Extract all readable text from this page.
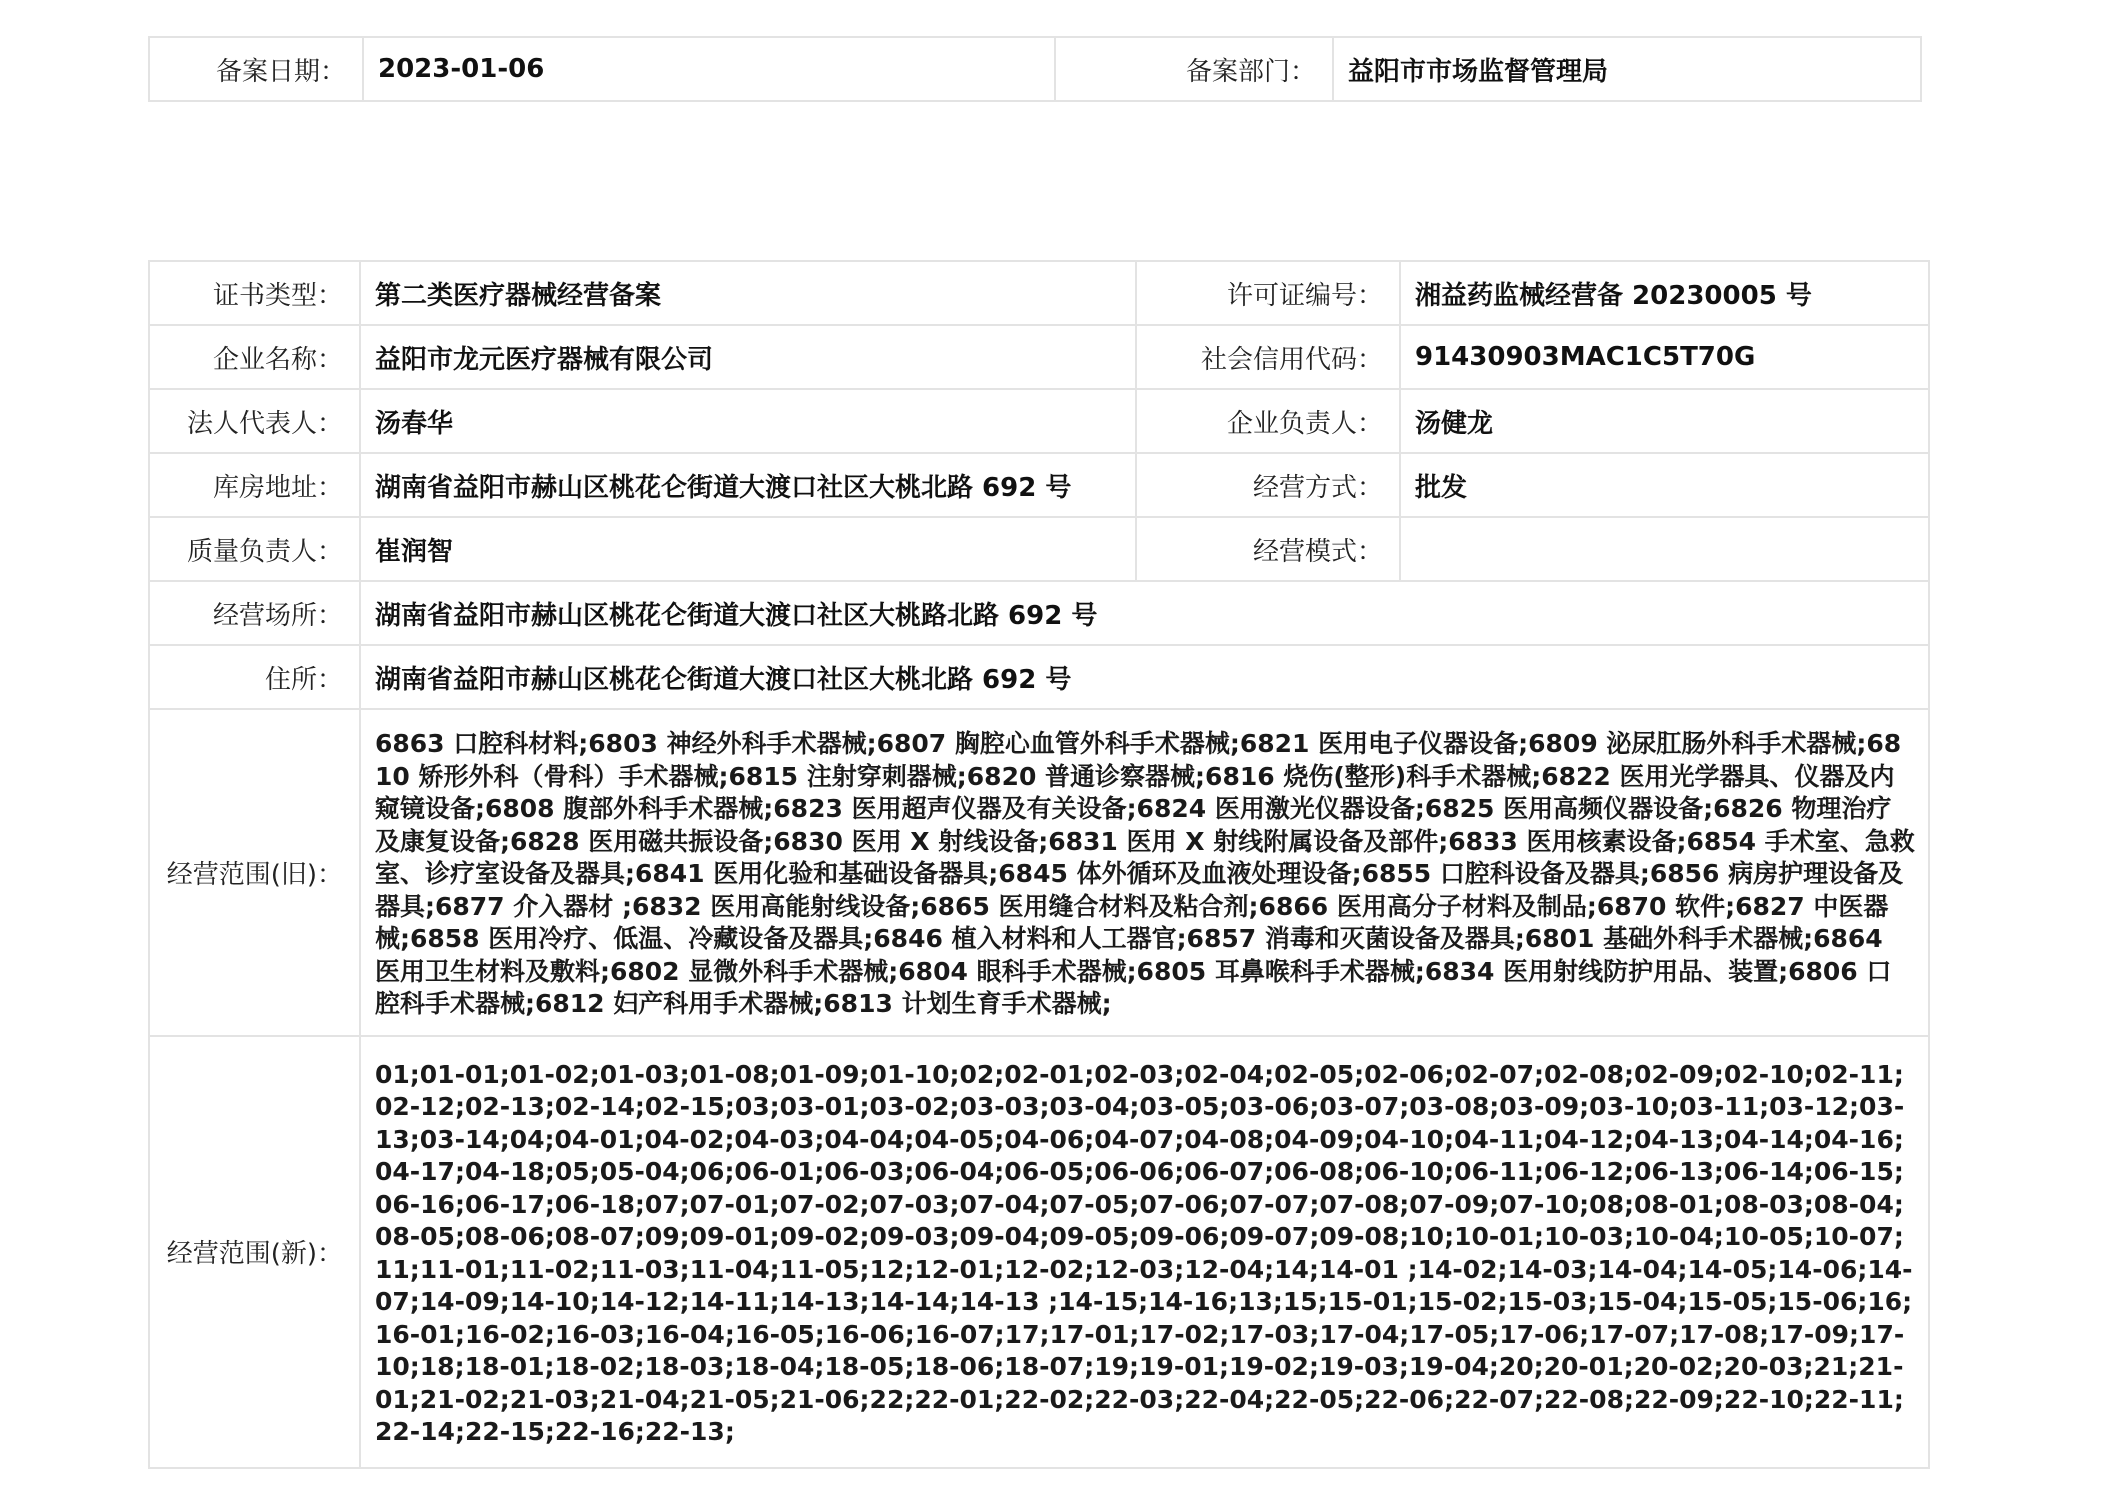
备案日期：	2023-01-06	备案部门：	益阳市市场监督管理局
证书类型：	第二类医疗器械经营备案	许可证编号：	湘益药监械经营备 20230005 号
企业名称：	益阳市龙元医疗器械有限公司	社会信用代码：	91430903MAC1C5T70G
法人代表人：	汤春华	企业负责人：	汤健龙
库房地址：	湖南省益阳市赫山区桃花仑街道大渡口社区大桃北路 692 号	经营方式：	批发
质量负责人：	崔润智	经营模式：	
经营场所：	湖南省益阳市赫山区桃花仑街道大渡口社区大桃路北路 692 号		
住所：	湖南省益阳市赫山区桃花仑街道大渡口社区大桃北路 692 号		
经营范围(旧)：	6863 口腔科材料;6803 神经外科手术器械;6807 胸腔心血管外科手术器械;6821 医用电子仪器设备;6809 泌尿肛肠外科手术器械;6810 矫形外科（骨科）手术器械;6815 注射穿刺器械;6820 普通诊察器械;6816 烧伤(整形)科手术器械;6822 医用光学器具、仪器及内窥镜设备;6808 腹部外科手术器械;6823 医用超声仪器及有关设备;6824 医用激光仪器设备;6825 医用高频仪器设备;6826 物理治疗及康复设备;6828 医用磁共振设备;6830 医用 X 射线设备;6831 医用 X 射线附属设备及部件;6833 医用核素设备;6854 手术室、急救室、诊疗室设备及器具;6841 医用化验和基础设备器具;6845 体外循环及血液处理设备;6855 口腔科设备及器具;6856 病房护理设备及器具;6877 介入器材 ;6832 医用高能射线设备;6865 医用缝合材料及粘合剂;6866 医用高分子材料及制品;6870 软件;6827 中医器械;6858 医用冷疗、低温、冷藏设备及器具;6846 植入材料和人工器官;6857 消毒和灭菌设备及器具;6801 基础外科手术器械;6864 医用卫生材料及敷料;6802 显微外科手术器械;6804 眼科手术器械;6805 耳鼻喉科手术器械;6834 医用射线防护用品、装置;6806 口腔科手术器械;6812 妇产科用手术器械;6813 计划生育手术器械;		
经营范围(新)：	01;01-01;01-02;01-03;01-08;01-09;01-10;02;02-01;02-03;02-04;02-05;02-06;02-07;02-08;02-09;02-10;02-11;02-12;02-13;02-14;02-15;03;03-01;03-02;03-03;03-04;03-05;03-06;03-07;03-08;03-09;03-10;03-11;03-12;03-13;03-14;04;04-01;04-02;04-03;04-04;04-05;04-06;04-07;04-08;04-09;04-10;04-11;04-12;04-13;04-14;04-16;04-17;04-18;05;05-04;06;06-01;06-03;06-04;06-05;06-06;06-07;06-08;06-10;06-11;06-12;06-13;06-14;06-15;06-16;06-17;06-18;07;07-01;07-02;07-03;07-04;07-05;07-06;07-07;07-08;07-09;07-10;08;08-01;08-03;08-04;08-05;08-06;08-07;09;09-01;09-02;09-03;09-04;09-05;09-06;09-07;09-08;10;10-01;10-03;10-04;10-05;10-07;11;11-01;11-02;11-03;11-04;11-05;12;12-01;12-02;12-03;12-04;14;14-01 ;14-02;14-03;14-04;14-05;14-06;14-07;14-09;14-10;14-12;14-11;14-13;14-14;14-13 ;14-15;14-16;13;15;15-01;15-02;15-03;15-04;15-05;15-06;16;16-01;16-02;16-03;16-04;16-05;16-06;16-07;17;17-01;17-02;17-03;17-04;17-05;17-06;17-07;17-08;17-09;17-10;18;18-01;18-02;18-03;18-04;18-05;18-06;18-07;19;19-01;19-02;19-03;19-04;20;20-01;20-02;20-03;21;21-01;21-02;21-03;21-04;21-05;21-06;22;22-01;22-02;22-03;22-04;22-05;22-06;22-07;22-08;22-09;22-10;22-11;22-14;22-15;22-16;22-13;		
